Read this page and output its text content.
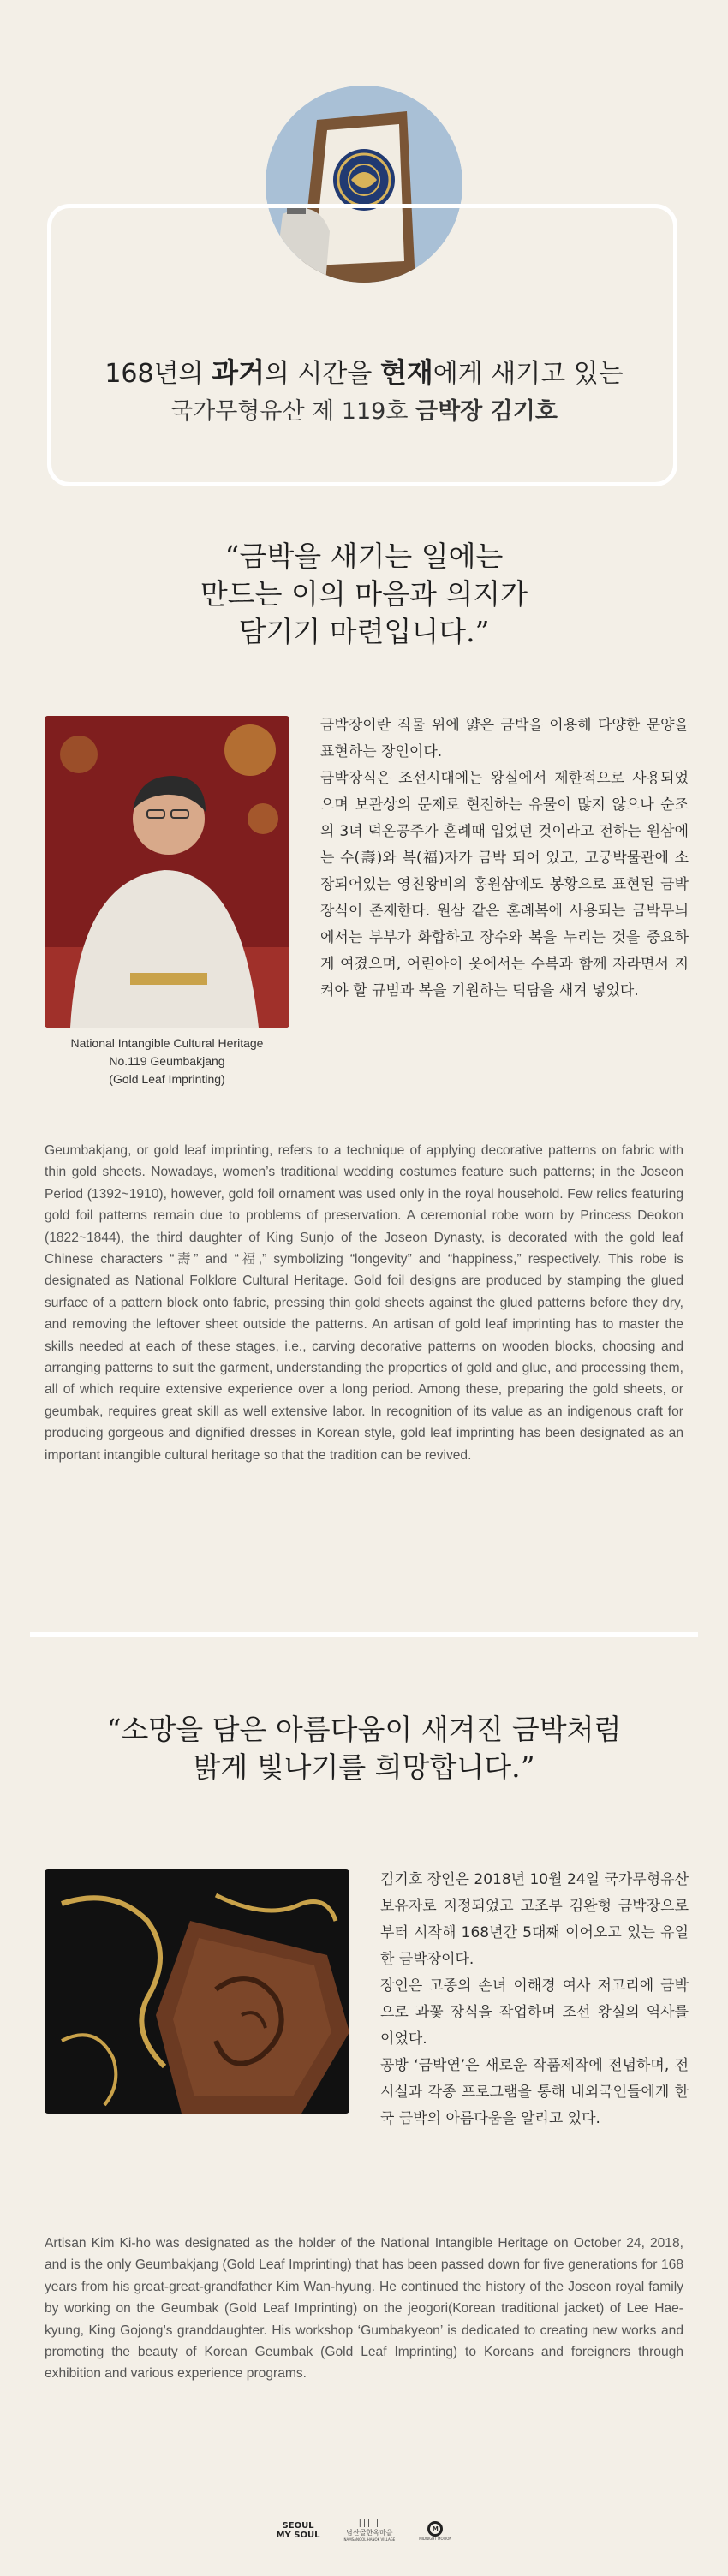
168년의 과거의 시간을 현재에게 새기고 있는
국가무형유산 제 119호 금박장 김기호
“금박을 새기는 일에는
만드는 이의 마음과 의지가
담기기 마련입니다.”
National Intangible Cultural Heritage
No.119 Geumbakjang
(Gold Leaf Imprinting)

금박장이란 직물 위에 얇은 금박을 이용해 다양한 문양을 표현하는 장인이다.

금박장식은 조선시대에는 왕실에서 제한적으로 사용되었으며 보관상의 문제로 현전하는 유물이 많지 않으나 순조의 3녀 덕온공주가 혼례때 입었던 것이라고 전하는 원삼에는 수(壽)와 복(福)자가 금박 되어 있고, 고궁박물관에 소장되어있는 영친왕비의 홍원삼에도 봉황으로 표현된 금박 장식이 존재한다. 원삼 같은 혼례복에 사용되는 금박무늬에서는 부부가 화합하고 장수와 복을 누리는 것을 중요하게 여겼으며, 어린아이 옷에서는 수복과 함께 자라면서 지켜야 할 규범과 복을 기원하는 덕담을 새겨 넣었다.

Geumbakjang, or gold leaf imprinting, refers to a technique of applying decorative patterns on fabric with thin gold sheets. Nowadays, women’s traditional wedding costumes feature such patterns; in the Joseon Period (1392~1910), however, gold foil ornament was used only in the royal household. Few relics featuring gold foil patterns remain due to problems of preservation. A ceremonial robe worn by Princess Deokon (1822~1844), the third daughter of King Sunjo of the Joseon Dynasty, is decorated with the gold leaf Chinese characters “壽” and “福,” symbolizing “longevity” and “happiness,” respectively. This robe is designated as National Folklore Cultural Heritage. Gold foil designs are produced by stamping the glued surface of a pattern block onto fabric, pressing thin gold sheets against the glued patterns before they dry, and removing the leftover sheet outside the patterns. An artisan of gold leaf imprinting has to master the skills needed at each of these stages, i.e., carving decorative patterns on wooden blocks, choosing and arranging patterns to suit the garment, understanding the properties of gold and glue, and processing them, all of which require extensive experience over a long period. Among these, preparing the gold sheets, or geumbak, requires great skill as well extensive labor. In recognition of its value as an indigenous craft for producing gorgeous and dignified dresses in Korean style, gold leaf imprinting has been designated as an important intangible cultural heritage so that the tradition can be revived.

“소망을 담은 아름다움이 새겨진 금박처럼
밝게 빛나기를 희망합니다.”

김기호 장인은 2018년 10월 24일 국가무형유산 보유자로 지정되었고 고조부 김완형 금박장으로부터 시작해 168년간 5대째 이어오고 있는 유일한 금박장이다.

장인은 고종의 손녀 이해경 여사 저고리에 금박으로 과꽃 장식을 작업하며 조선 왕실의 역사를 이었다.

공방 ‘금박연’은 새로운 작품제작에 전념하며, 전시실과 각종 프로그램을 통해 내외국인들에게 한국 금박의 아름다움을 알리고 있다.

Artisan Kim Ki-ho was designated as the holder of the National Intangible Heritage on October 24, 2018, and is the only Geumbakjang (Gold Leaf Imprinting) that has been passed down for five generations for 168 years from his great-great-grandfather Kim Wan-hyung. He continued the history of the Joseon royal family by working on the Geumbak (Gold Leaf Imprinting) on the jeogori(Korean traditional jacket) of Lee Hae-kyung, King Gojong’s granddaughter. His workshop ‘Gumbakyeon’ is dedicated to creating new works and promoting the beauty of Korean Geumbak (Gold Leaf Imprinting) to Koreans and foreigners through exhibition and various experience programs.

SEOUL
MY SOUL
|||||
남산골한옥마을
NAMSANGOL HANOK VILLAGE
M
MIDNIGHT MOTION
